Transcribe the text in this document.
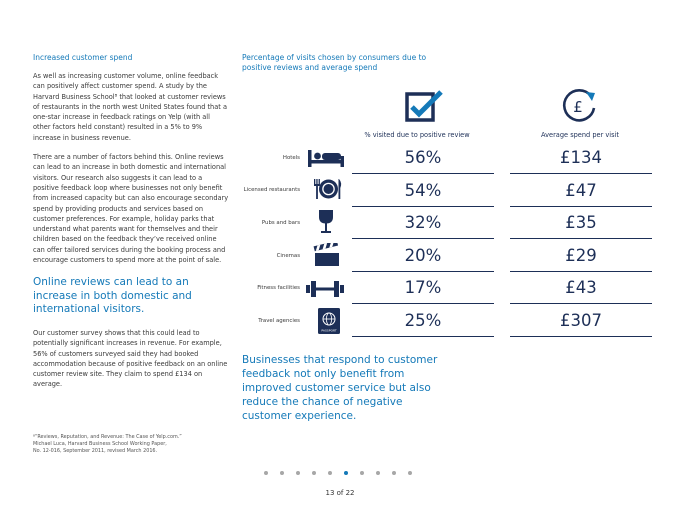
Increased customer spend

As well as increasing customer volume, online feedback can positively affect customer spend. A study by the Harvard Business School⁸ that looked at customer reviews of restaurants in the north west United States found that a one-star increase in feedback ratings on Yelp (with all other factors held constant) resulted in a 5% to 9% increase in business revenue.

There are a number of factors behind this. Online reviews can lead to an increase in both domestic and international visitors. Our research also suggests it can lead to a positive feedback loop where businesses not only benefit from increased capacity but can also encourage secondary spend by providing products and services based on customer preferences. For example, holiday parks that understand what parents want for themselves and their children based on the feedback they’ve received online can offer tailored services during the booking process and encourage customers to spend more at the point of sale.

Online reviews can lead to an increase in both domestic and international visitors.

Our customer survey shows that this could lead to potentially significant increases in revenue. For example, 56% of customers surveyed said they had booked accommodation because of positive feedback on an online customer review site. They claim to spend £134 on average.

⁸“Reviews, Reputation, and Revenue: The Case of Yelp.com.”
Michael Luca, Harvard Business School Working Paper,
No. 12-016, September 2011, revised March 2016.
Percentage of visits chosen by consumers due to positive reviews and average spend
£
% visited due to positive review	Average spend per visit
Hotels
Licensed restaurants
Pubs and bars
Cinemas
Fitness facilities
Travel agencies
PASSPORT
56%
54%
32%
20%
17%
25%
£134
£47
£35
£29
£43
£307
Businesses that respond to customer feedback not only benefit from improved customer service but also reduce the chance of negative customer experience.
13 of 22
